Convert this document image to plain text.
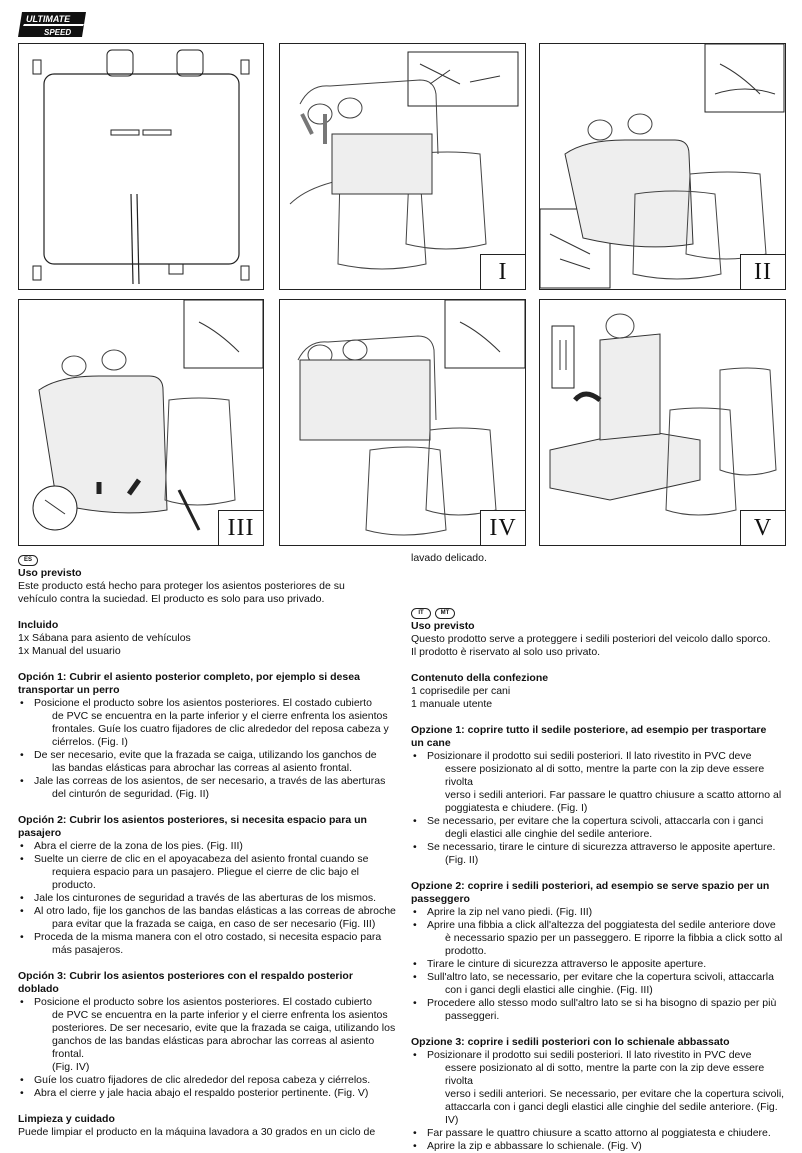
ULTIMATE
SPEED
I	II
III	IV	V
ES
Uso previsto

Este producto está hecho para proteger los asientos posteriores de su

vehículo contra la suciedad. El producto es solo para uso privado.

Incluido

1x Sábana para asiento de vehículos

1x Manual del usuario

Opción 1: Cubrir el asiento posterior completo, por ejemplo si desea
transportar un perro
• Posicione el producto sobre los asientos posteriores. El costado cubierto
de PVC se encuentra en la parte inferior y el cierre enfrenta los asientos
frontales. Guíe los cuatro fijadores de clic alrededor del reposa cabeza y
ciérrelos. (Fig. I)
• De ser necesario, evite que la frazada se caiga, utilizando los ganchos de
las bandas elásticas para abrochar las correas al asiento frontal.
• Jale las correas de los asientos, de ser necesario, a través de las aberturas
del cinturón de seguridad. (Fig. II)
Opción 2: Cubrir los asientos posteriores, si necesita espacio para un
pasajero
• Abra el cierre de la zona de los pies. (Fig. III)
• Suelte un cierre de clic en el apoyacabeza del asiento frontal cuando se
requiera espacio para un pasajero. Pliegue el cierre de clic bajo el producto.
• Jale los cinturones de seguridad a través de las aberturas de los mismos.
• Al otro lado, fije los ganchos de las bandas elásticas a las correas de abroche
para evitar que la frazada se caiga, en caso de ser necesario (Fig. III)
• Proceda de la misma manera con el otro costado, si necesita espacio para
más pasajeros.
Opción 3: Cubrir los asientos posteriores con el respaldo posterior
doblado
• Posicione el producto sobre los asientos posteriores. El costado cubierto
de PVC se encuentra en la parte inferior y el cierre enfrenta los asientos
posteriores. De ser necesario, evite que la frazada se caiga, utilizando los
ganchos de las bandas elásticas para abrochar las correas al asiento frontal.
(Fig. IV)
• Guíe los cuatro fijadores de clic alrededor del reposa cabeza y ciérrelos.
• Abra el cierre y jale hacia abajo el respaldo posterior pertinente. (Fig. V)
Limpieza y cuidado

Puede limpiar el producto en la máquina lavadora a 30 grados en un ciclo de

lavado delicado.

IT	MT
Uso previsto

Questo prodotto serve a proteggere i sedili posteriori del veicolo dallo sporco.

Il prodotto è riservato al solo uso privato.

Contenuto della confezione

1 coprisedile per cani

1 manuale utente

Opzione 1: coprire tutto il sedile posteriore, ad esempio per trasportare
un cane
• Posizionare il prodotto sui sedili posteriori. Il lato rivestito in PVC deve
essere posizionato al di sotto, mentre la parte con la zip deve essere rivolta
verso i sedili anteriori. Far passare le quattro chiusure a scatto attorno al
poggiatesta e chiudere. (Fig. I)
• Se necessario, per evitare che la copertura scivoli, attaccarla con i ganci
degli elastici alle cinghie del sedile anteriore.
• Se necessario, tirare le cinture di sicurezza attraverso le apposite aperture.
(Fig. II)
Opzione 2: coprire i sedili posteriori, ad esempio se serve spazio per un
passeggero
• Aprire la zip nel vano piedi. (Fig. III)
• Aprire una fibbia a click all'altezza del poggiatesta del sedile anteriore dove
è necessario spazio per un passeggero. E riporre la fibbia a click sotto al
prodotto.
• Tirare le cinture di sicurezza attraverso le apposite aperture.
• Sull'altro lato, se necessario, per evitare che la copertura scivoli, attaccarla
con i ganci degli elastici alle cinghie. (Fig. III)
• Procedere allo stesso modo sull'altro lato se si ha bisogno di spazio per più
passeggeri.
Opzione 3: coprire i sedili posteriori con lo schienale abbassato
• Posizionare il prodotto sui sedili posteriori. Il lato rivestito in PVC deve
essere posizionato al di sotto, mentre la parte con la zip deve essere rivolta
verso i sedili anteriori. Se necessario, per evitare che la copertura scivoli,
attaccarla con i ganci degli elastici alle cinghie del sedile anteriore. (Fig. IV)
• Far passare le quattro chiusure a scatto attorno al poggiatesta e chiudere.
• Aprire la zip e abbassare lo schienale. (Fig. V)
